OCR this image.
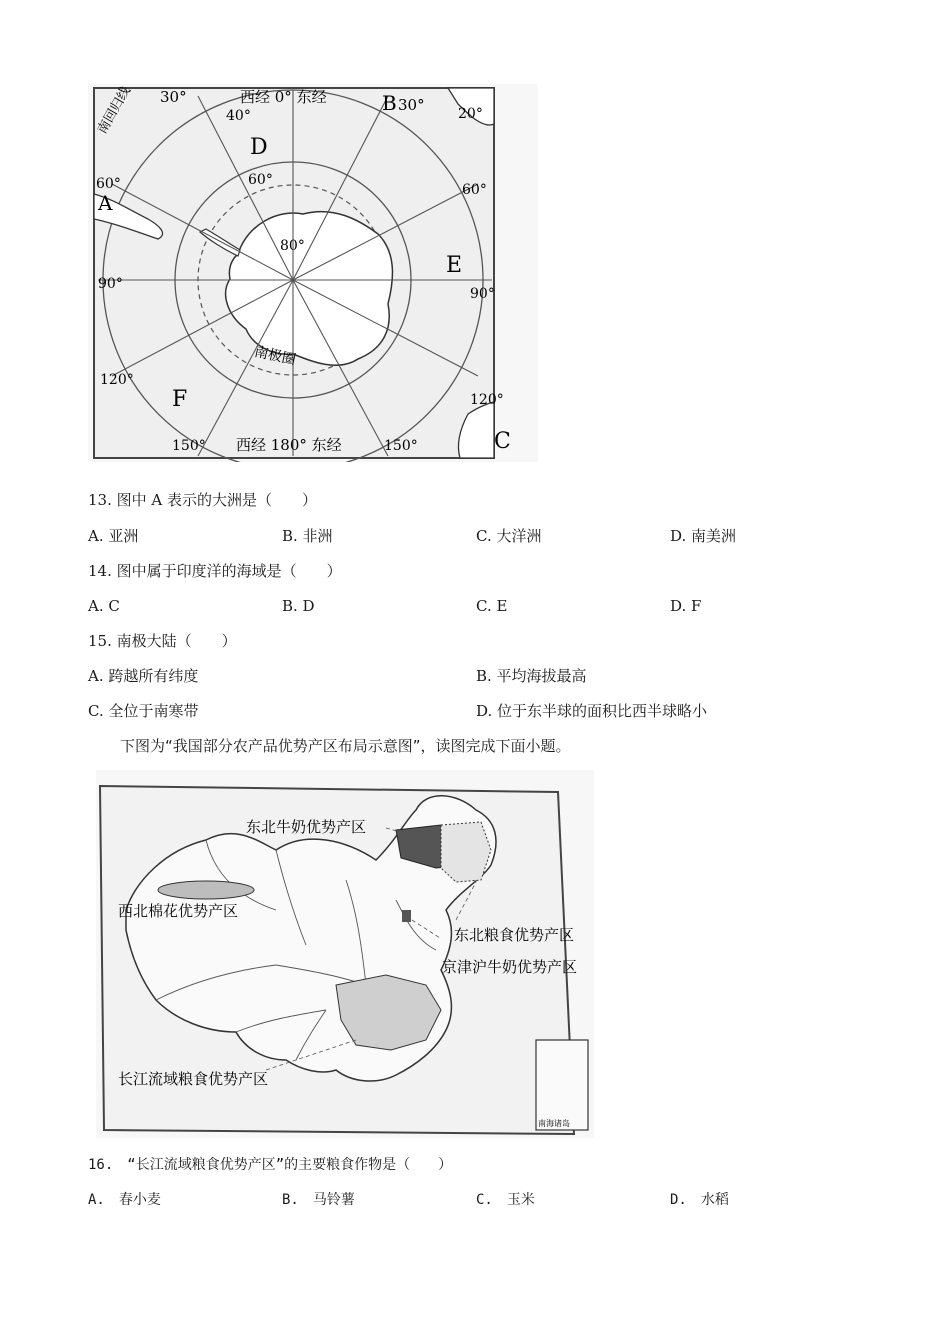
南回归线 30°	西经 0° 东经	B 30° 20°
40°
60°
80°
60°	60°
D
A
E
F
C
90°
90°
120°
120°
150°	150°
西经 180° 东经
南极圈
13. 图中 A 表示的大洲是（　　）
A. 亚洲	B. 非洲	C. 大洋洲	D. 南美洲
14. 图中属于印度洋的海域是（　　）
A. C	B. D	C. E	D. F
15. 南极大陆（　　）
A. 跨越所有纬度	B. 平均海拔最高
C. 全位于南寒带	D. 位于东半球的面积比西半球略小
下图为“我国部分农产品优势产区布局示意图”，读图完成下面小题。
东北牛奶优势产区
西北棉花优势产区
东北粮食优势产区
京津沪牛奶优势产区
长江流域粮食优势产区
南海诸岛
16.　“长江流域粮食优势产区”的主要粮食作物是（　　）
A.　春小麦	B.　马铃薯	C.　玉米	D.　水稻
